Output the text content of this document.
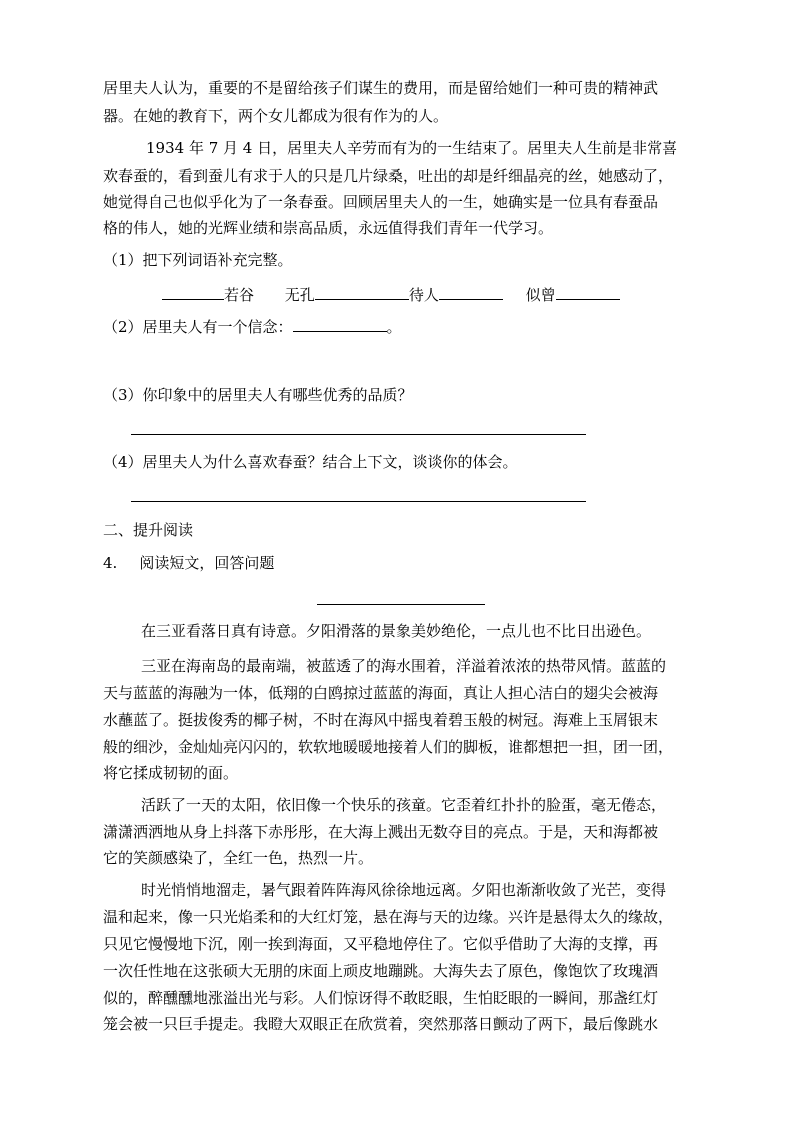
居里夫人认为，重要的不是留给孩子们谋生的费用，而是留给她们一种可贵的精神武
器。在她的教育下，两个女儿都成为很有作为的人。
1934 年 7 月 4 日，居里夫人辛劳而有为的一生结束了。居里夫人生前是非常喜
欢春蚕的，看到蚕儿有求于人的只是几片绿桑，吐出的却是纤细晶亮的丝，她感动了，
她觉得自己也似乎化为了一条春蚕。回顾居里夫人的一生，她确实是一位具有春蚕品
格的伟人，她的光辉业绩和崇高品质，永远值得我们青年一代学习。
（1）把下列词语补充完整。
若谷 无孔	待人	似曾
（2）居里夫人有一个信念：	。
（3）你印象中的居里夫人有哪些优秀的品质？
（4）居里夫人为什么喜欢春蚕？结合上下文，谈谈你的体会。
二、提升阅读
4. 阅读短文，回答问题
在三亚看落日真有诗意。夕阳滑落的景象美妙绝伦，一点儿也不比日出逊色。
三亚在海南岛的最南端，被蓝透了的海水围着，洋溢着浓浓的热带风情。蓝蓝的
天与蓝蓝的海融为一体，低翔的白鸥掠过蓝蓝的海面，真让人担心洁白的翅尖会被海
水蘸蓝了。挺拔俊秀的椰子树，不时在海风中摇曳着碧玉般的树冠。海难上玉屑银末
般的细沙，金灿灿亮闪闪的，软软地暖暖地接着人们的脚板，谁都想把一担，团一团，
将它揉成韧韧的面。
活跃了一天的太阳，依旧像一个快乐的孩童。它歪着红扑扑的脸蛋，毫无倦态，
潇潇洒洒地从身上抖落下赤彤彤，在大海上溅出无数夺目的亮点。于是，天和海都被
它的笑颜感染了，全红一色，热烈一片。
时光悄悄地溜走，暑气跟着阵阵海风徐徐地远离。夕阳也渐渐收敛了光芒，变得
温和起来，像一只光焰柔和的大红灯笼，悬在海与天的边缘。兴许是悬得太久的缘故，
只见它慢慢地下沉，刚一挨到海面，又平稳地停住了。它似乎借助了大海的支撑，再
一次任性地在这张硕大无朋的床面上顽皮地蹦跳。大海失去了原色，像饱饮了玫瑰酒
似的，醉醺醺地涨溢出光与彩。人们惊讶得不敢眨眼，生怕眨眼的一瞬间，那盏红灯
笼会被一只巨手提走。我瞪大双眼正在欣赏着，突然那落日颤动了两下，最后像跳水
